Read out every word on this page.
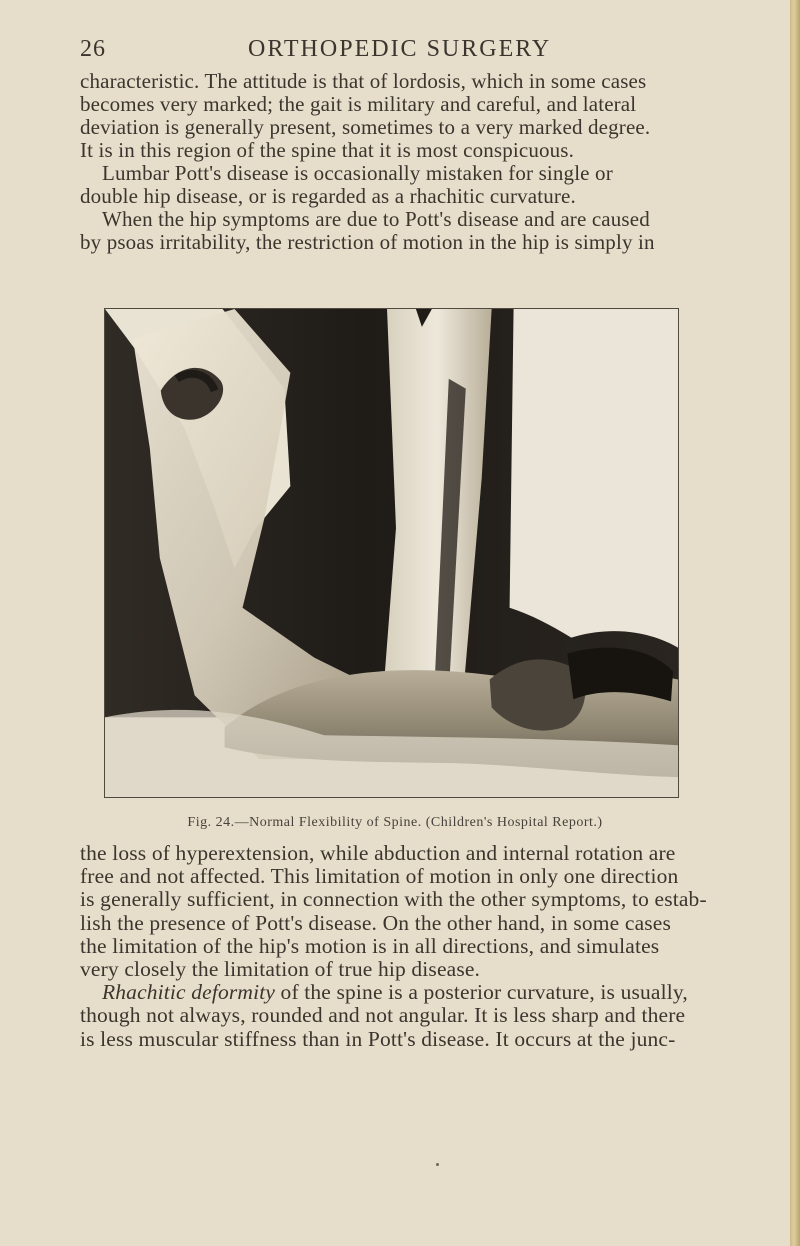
26	ORTHOPEDIC SURGERY
characteristic. The attitude is that of lordosis, which in some cases
becomes very marked; the gait is military and careful, and lateral
deviation is generally present, sometimes to a very marked degree.
It is in this region of the spine that it is most conspicuous.
Lumbar Pott's disease is occasionally mistaken for single or
double hip disease, or is regarded as a rhachitic curvature.
When the hip symptoms are due to Pott's disease and are caused
by psoas irritability, the restriction of motion in the hip is simply in
Fig. 24.—Normal Flexibility of Spine. (Children's Hospital Report.)
the loss of hyperextension, while abduction and internal rotation are
free and not affected. This limitation of motion in only one direction
is generally sufficient, in connection with the other symptoms, to estab-
lish the presence of Pott's disease. On the other hand, in some cases
the limitation of the hip's motion is in all directions, and simulates
very closely the limitation of true hip disease.
Rhachitic deformity of the spine is a posterior curvature, is usually,
though not always, rounded and not angular. It is less sharp and there
is less muscular stiffness than in Pott's disease. It occurs at the junc-
